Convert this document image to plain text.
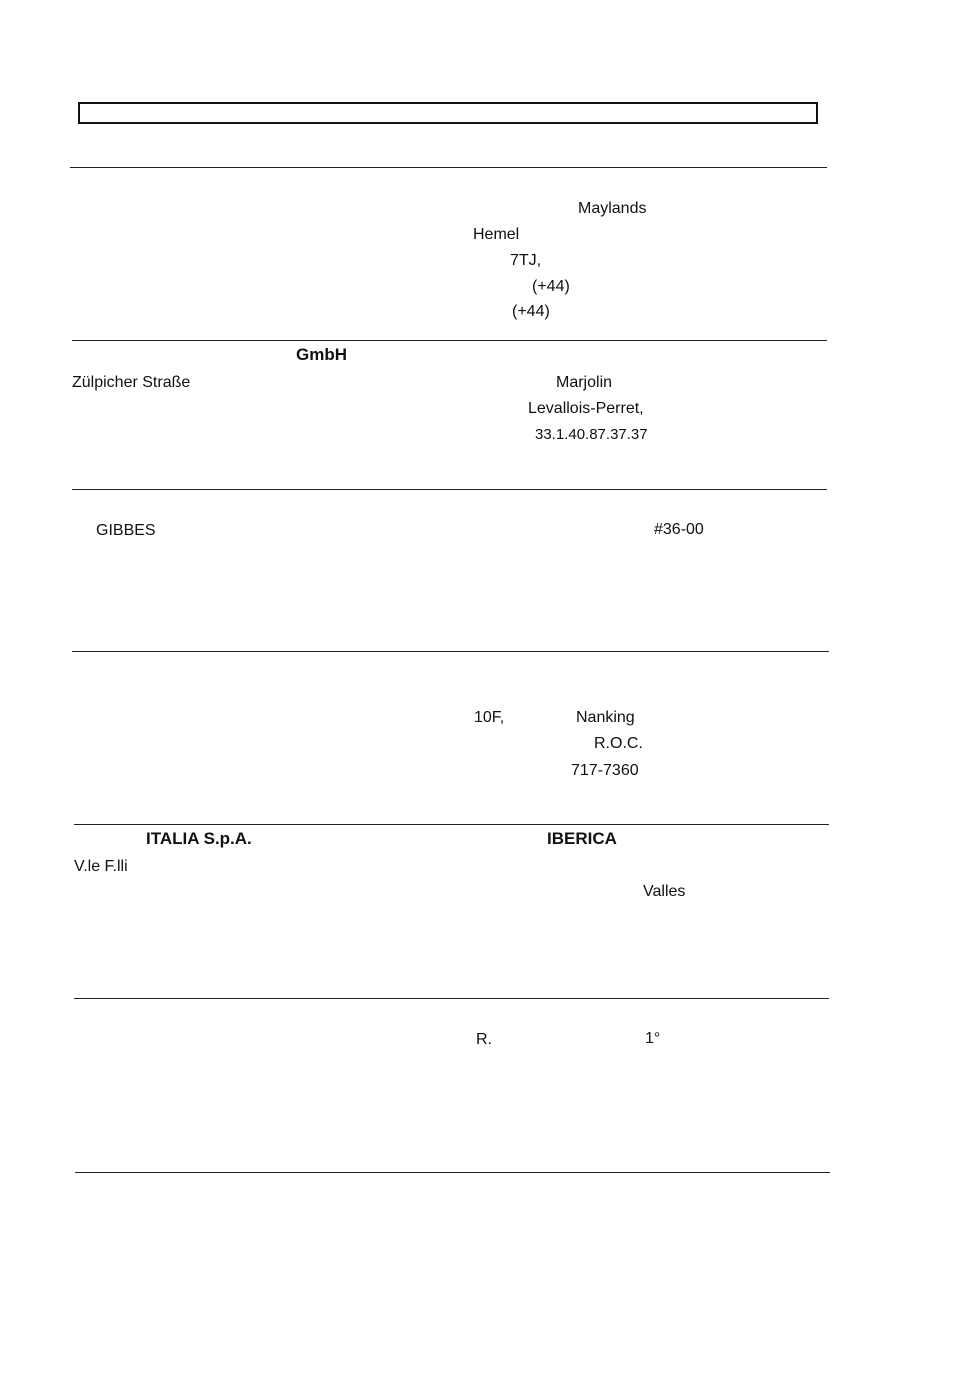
Maylands
Hemel
7TJ,
(+44)
(+44)
GmbH
Zülpicher Straße	Marjolin
Levallois-Perret,
33.1.40.87.37.37
GIBBES	#36-00
10F,	Nanking
R.O.C.
717-7360
ITALIA S.p.A.	IBERICA
V.le F.lli
Valles
R.	1°
